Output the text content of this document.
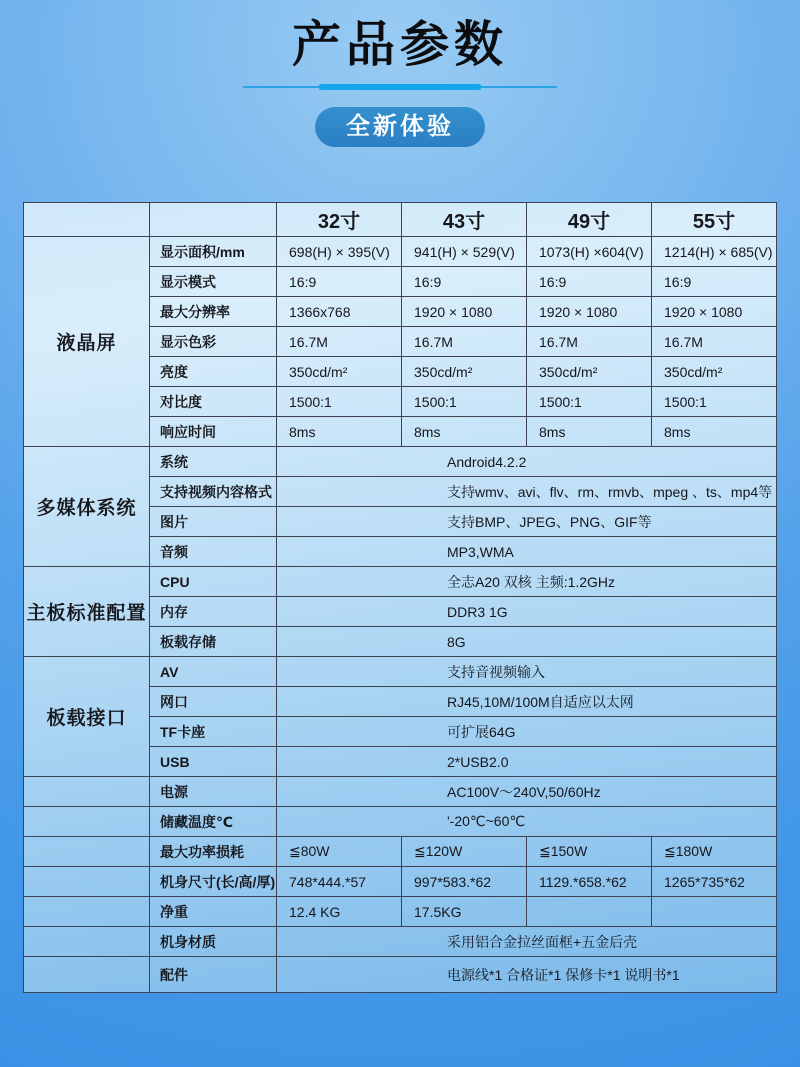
产品参数
全新体验
		32寸	43寸	49寸	55寸
液晶屏	显示面积/mm	698(H) × 395(V)	941(H) × 529(V)	1073(H) ×604(V)	1214(H) × 685(V)
	显示模式	16:9	16:9	16:9	16:9
	最大分辨率	1366x768	1920 × 1080	1920 × 1080	1920 × 1080
	显示色彩	16.7M	16.7M	16.7M	16.7M
	亮度	350cd/m²	350cd/m²	350cd/m²	350cd/m²
	对比度	1500:1	1500:1	1500:1	1500:1
	响应时间	8ms	8ms	8ms	8ms
多媒体系统	系统	Android4.2.2			
	支持视频内容格式	支持wmv、avi、flv、rm、rmvb、mpeg 、ts、mp4等			
	图片	支持BMP、JPEG、PNG、GIF等			
	音频	MP3,WMA			
主板标准配置	CPU	全志A20 双核 主频:1.2GHz			
	内存	DDR3 1G			
	板载存储	8G			
板载接口	AV	支持音视频输入			
	网口	RJ45,10M/100M自适应以太网			
	TF卡座	可扩展64G			
	USB	2*USB2.0			
	电源	AC100V～240V,50/60Hz			
	储藏温度℃	'-20℃~60℃			
	最大功率损耗	≦80W	≦120W	≦150W	≦180W
	机身尺寸(长/高/厚)	748*444.*57	997*583.*62	1129.*658.*62	1265*735*62
	净重	12.4 KG	17.5KG		
	机身材质	采用铝合金拉丝面框+五金后壳			
	配件	电源线*1 合格证*1 保修卡*1 说明书*1			
